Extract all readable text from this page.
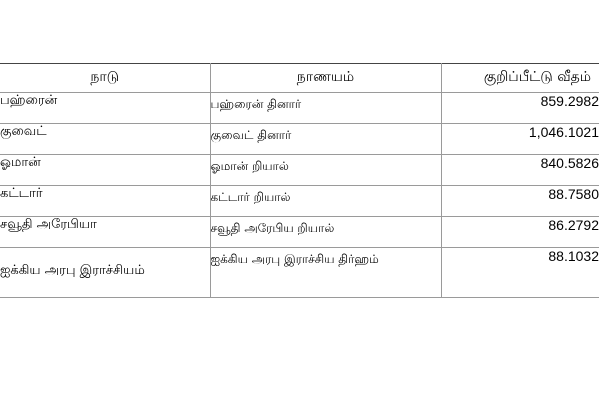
நாடு	நாணயம்	குறிப்பீட்டு வீதம்
பஹ்ரைன்	பஹ்ரைன் தினார்	859.2982
குவைட்	குவைட் தினார்	1,046.1021
ஓமான்	ஓமான் றியால்	840.5826
கட்டார்	கட்டார் றியால்	88.7580
சவூதி அரேபியா	சவூதி அரேபிய றியால்	86.2792
ஐக்கிய அரபு இராச்சியம்	ஐக்கிய அரபு இராச்சிய திர்ஹம்	88.1032
